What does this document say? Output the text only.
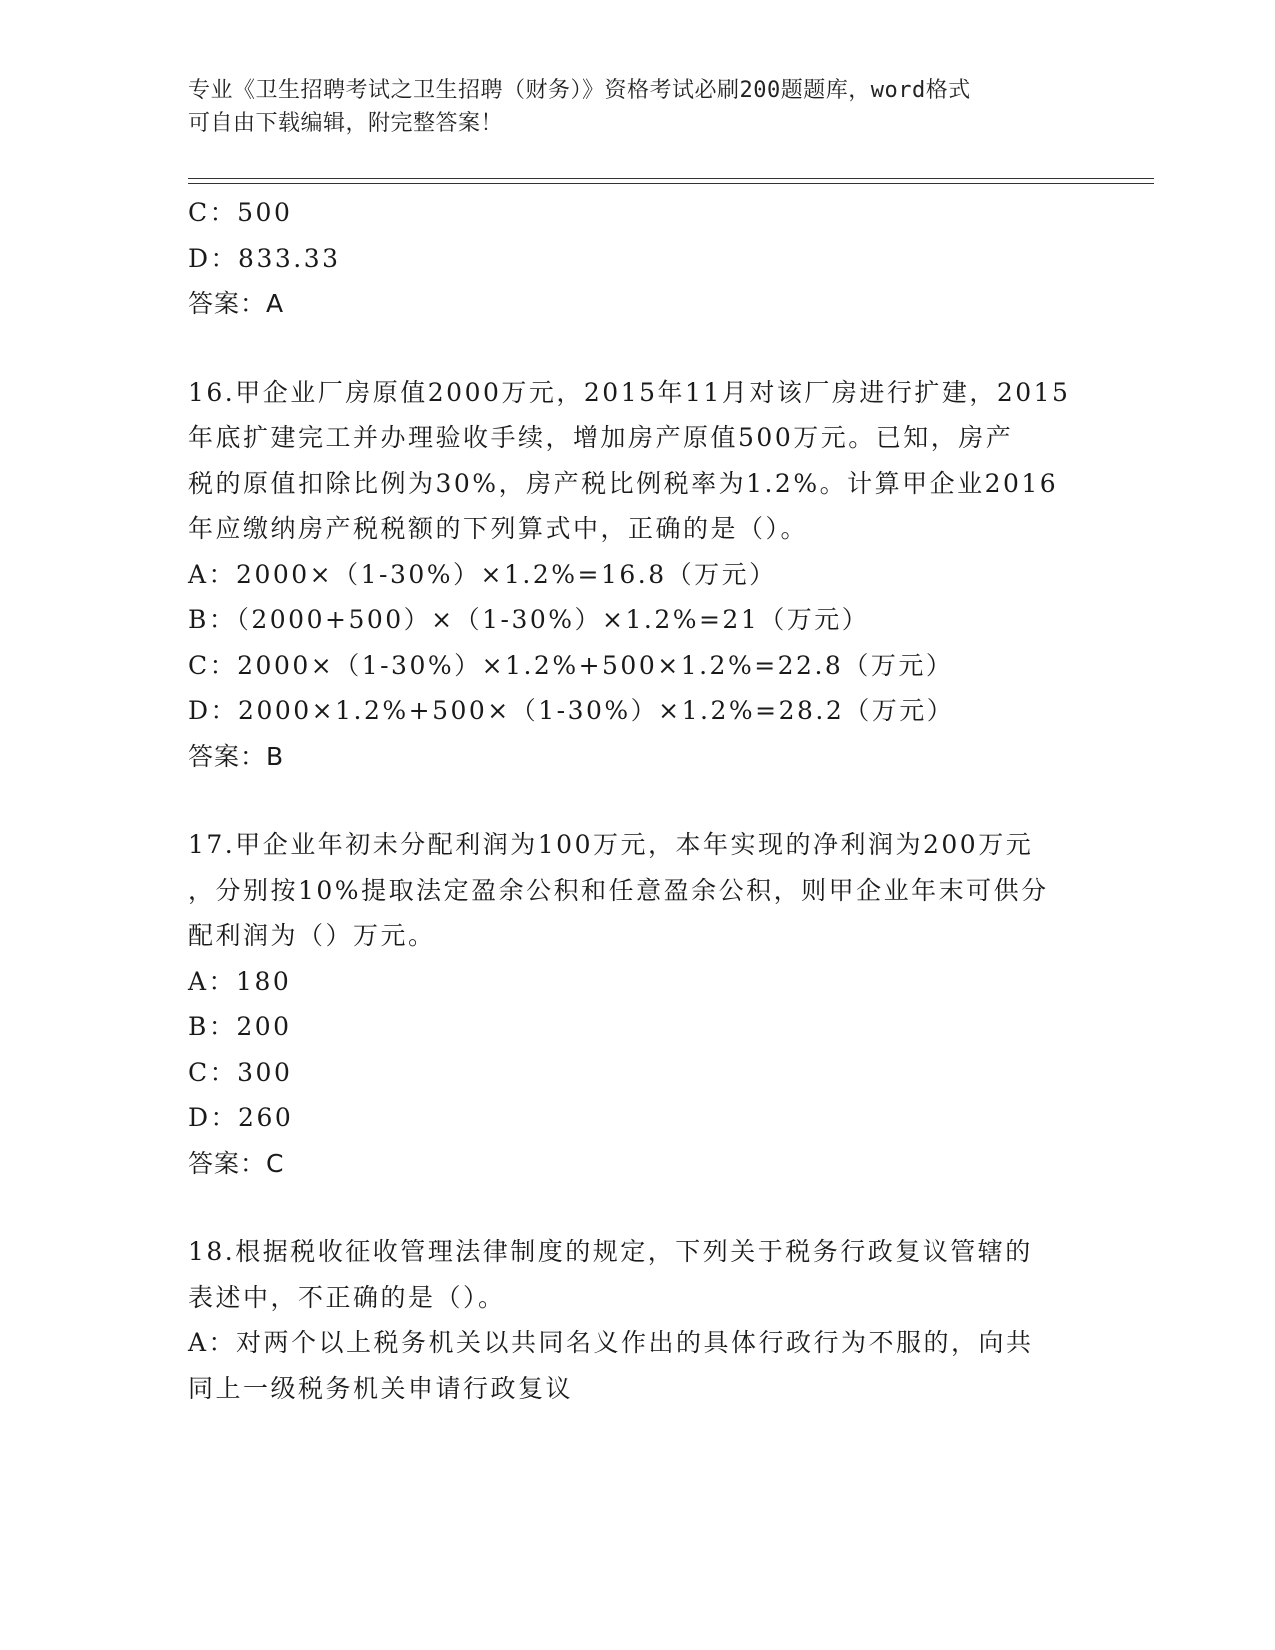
专业《卫生招聘考试之卫生招聘（财务）》资格考试必刷200题题库，word格式
可自由下载编辑，附完整答案！
C：500
D：833.33
答案：A
16.甲企业厂房原值2000万元，2015年11月对该厂房进行扩建，2015
年底扩建完工并办理验收手续，增加房产原值500万元。已知，房产
税的原值扣除比例为30%，房产税比例税率为1.2%。计算甲企业2016
年应缴纳房产税税额的下列算式中，正确的是（）。
A：2000×（1-30%）×1.2%=16.8（万元）
B：（2000+500）×（1-30%）×1.2%=21（万元）
C：2000×（1-30%）×1.2%+500×1.2%=22.8（万元）
D：2000×1.2%+500×（1-30%）×1.2%=28.2（万元）
答案：B
17.甲企业年初未分配利润为100万元，本年实现的净利润为200万元
，分别按10%提取法定盈余公积和任意盈余公积，则甲企业年末可供分
配利润为（）万元。
A：180
B：200
C：300
D：260
答案：C
18.根据税收征收管理法律制度的规定，下列关于税务行政复议管辖的
表述中，不正确的是（）。
A：对两个以上税务机关以共同名义作出的具体行政行为不服的，向共
同上一级税务机关申请行政复议
